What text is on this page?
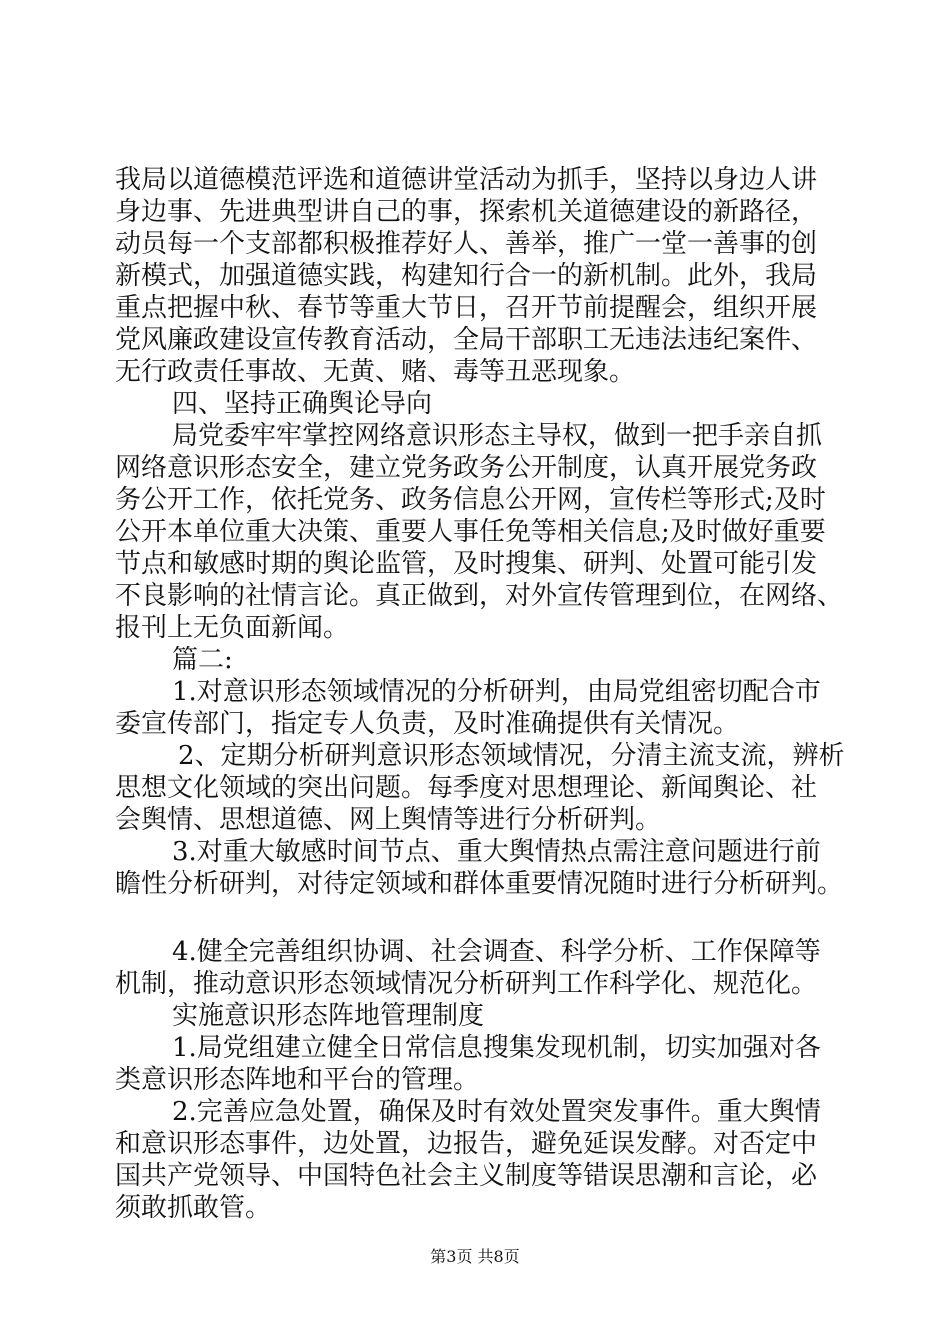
我局以道德模范评选和道德讲堂活动为抓手，坚持以身边人讲
身边事、先进典型讲自己的事，探索机关道德建设的新路径，
动员每一个支部都积极推荐好人、善举，推广一堂一善事的创
新模式，加强道德实践，构建知行合一的新机制。此外，我局
重点把握中秋、春节等重大节日，召开节前提醒会，组织开展
党风廉政建设宣传教育活动，全局干部职工无违法违纪案件、
无行政责任事故、无黄、赌、毒等丑恶现象。
四、坚持正确舆论导向
局党委牢牢掌控网络意识形态主导权，做到一把手亲自抓
网络意识形态安全，建立党务政务公开制度，认真开展党务政
务公开工作，依托党务、政务信息公开网，宣传栏等形式;及时
公开本单位重大决策、重要人事任免等相关信息;及时做好重要
节点和敏感时期的舆论监管，及时搜集、研判、处置可能引发
不良影响的社情言论。真正做到，对外宣传管理到位，在网络、
报刊上无负面新闻。
篇二:
1.对意识形态领域情况的分析研判，由局党组密切配合市
委宣传部门，指定专人负责，及时准确提供有关情况。
2、定期分析研判意识形态领域情况，分清主流支流，辨析
思想文化领域的突出问题。每季度对思想理论、新闻舆论、社
会舆情、思想道德、网上舆情等进行分析研判。
3.对重大敏感时间节点、重大舆情热点需注意问题进行前
瞻性分析研判，对待定领域和群体重要情况随时进行分析研判。
4.健全完善组织协调、社会调查、科学分析、工作保障等
机制，推动意识形态领域情况分析研判工作科学化、规范化。
实施意识形态阵地管理制度
1.局党组建立健全日常信息搜集发现机制，切实加强对各
类意识形态阵地和平台的管理。
2.完善应急处置，确保及时有效处置突发事件。重大舆情
和意识形态事件，边处置，边报告，避免延误发酵。对否定中
国共产党领导、中国特色社会主义制度等错误思潮和言论，必
须敢抓敢管。
第3页 共8页
